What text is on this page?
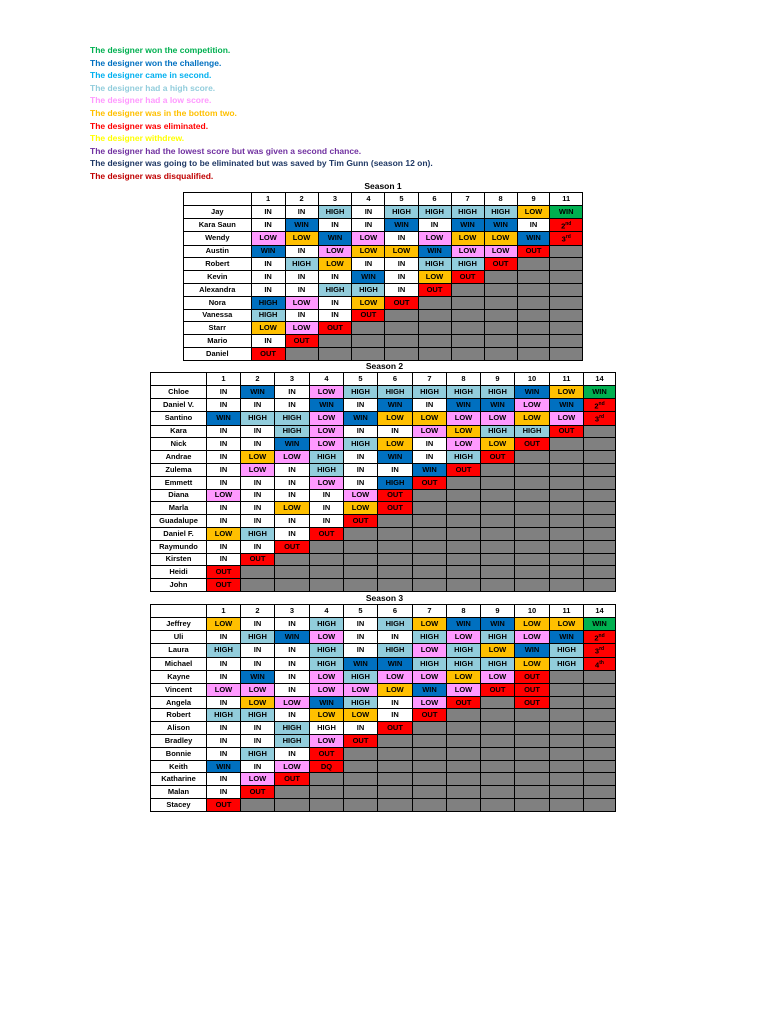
The designer won the competition.
The designer won the challenge.
The designer came in second.
The designer had a high score.
The designer had a low score.
The designer was in the bottom two.
The designer was eliminated.
The designer withdrew.
The designer had the lowest score but was given a second chance.
The designer was going to be eliminated but was saved by Tim Gunn (season 12 on).
The designer was disqualified.
Season 1
	1	2	3	4	5	6	7	8	9	11
Jay	IN	IN	HIGH	IN	HIGH	HIGH	HIGH	HIGH	LOW	WIN
Kara Saun	IN	WIN	IN	IN	WIN	IN	WIN	WIN	IN	2nd
Wendy	LOW	LOW	WIN	LOW	IN	LOW	LOW	LOW	WIN	3rd
Austin	WIN	IN	LOW	LOW	LOW	WIN	LOW	LOW	OUT	
Robert	IN	HIGH	LOW	IN	IN	HIGH	HIGH	OUT		
Kevin	IN	IN	IN	WIN	IN	LOW	OUT			
Alexandra	IN	IN	HIGH	HIGH	IN	OUT				
Nora	HIGH	LOW	IN	LOW	OUT					
Vanessa	HIGH	IN	IN	OUT						
Starr	LOW	LOW	OUT							
Mario	IN	OUT								
Daniel	OUT									
Season 2
	1	2	3	4	5	6	7	8	9	10	11	14
Chloe	IN	WIN	IN	LOW	HIGH	HIGH	HIGH	HIGH	HIGH	WIN	LOW	WIN
Daniel V.	IN	IN	IN	WIN	IN	WIN	IN	WIN	WIN	LOW	WIN	2nd
Santino	WIN	HIGH	HIGH	LOW	WIN	LOW	LOW	LOW	LOW	LOW	LOW	3rd
Kara	IN	IN	HIGH	LOW	IN	IN	LOW	LOW	HIGH	HIGH	OUT	
Nick	IN	IN	WIN	LOW	HIGH	LOW	IN	LOW	LOW	OUT		
Andrae	IN	LOW	LOW	HIGH	IN	WIN	IN	HIGH	OUT			
Zulema	IN	LOW	IN	HIGH	IN	IN	WIN	OUT				
Emmett	IN	IN	IN	LOW	IN	HIGH	OUT					
Diana	LOW	IN	IN	IN	LOW	OUT						
Marla	IN	IN	LOW	IN	LOW	OUT						
Guadalupe	IN	IN	IN	IN	OUT							
Daniel F.	LOW	HIGH	IN	OUT								
Raymundo	IN	IN	OUT									
Kirsten	IN	OUT										
Heidi	OUT											
John	OUT											
Season 3
	1	2	3	4	5	6	7	8	9	10	11	14
Jeffrey	LOW	IN	IN	HIGH	IN	HIGH	LOW	WIN	WIN	LOW	LOW	WIN
Uli	IN	HIGH	WIN	LOW	IN	IN	HIGH	LOW	HIGH	LOW	WIN	2nd
Laura	HIGH	IN	IN	HIGH	IN	HIGH	LOW	HIGH	LOW	WIN	HIGH	3rd
Michael	IN	IN	IN	HIGH	WIN	WIN	HIGH	HIGH	HIGH	LOW	HIGH	4th
Kayne	IN	WIN	IN	LOW	HIGH	LOW	LOW	LOW	LOW	OUT		
Vincent	LOW	LOW	IN	LOW	LOW	LOW	WIN	LOW	OUT	OUT		
Angela	IN	LOW	LOW	WIN	HIGH	IN	LOW	OUT		OUT		
Robert	HIGH	HIGH	IN	LOW	LOW	IN	OUT					
Alison	IN	IN	HIGH	HIGH	IN	OUT						
Bradley	IN	IN	HIGH	LOW	OUT							
Bonnie	IN	HIGH	IN	OUT								
Keith	WIN	IN	LOW	DQ								
Katharine	IN	LOW	OUT									
Malan	IN	OUT										
Stacey	OUT											
